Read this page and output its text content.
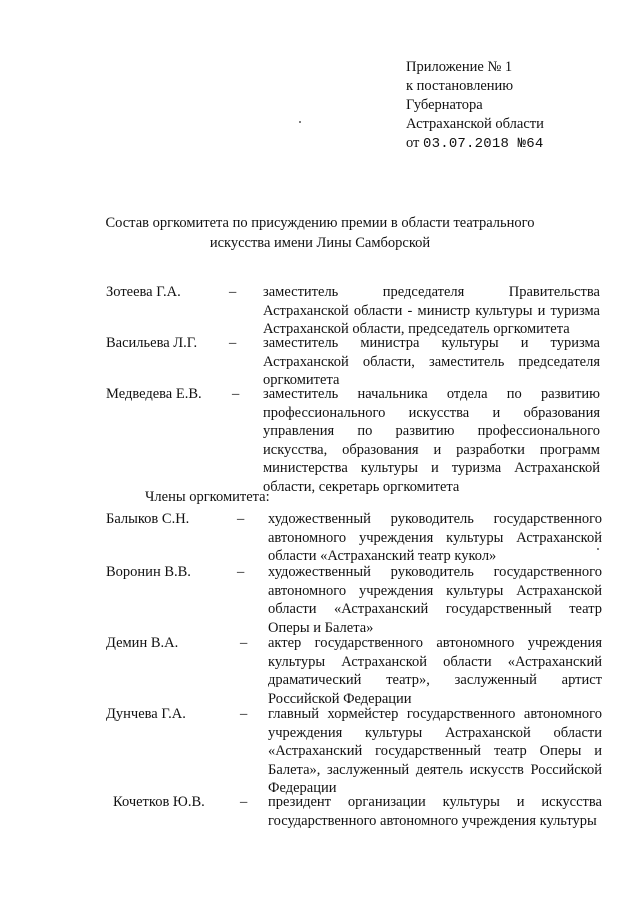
Приложение № 1
к постановлению
Губернатора
Астраханской области
от 03.07.2018 №64
Состав оргкомитета по присуждению премии в области театрального искусства имени Лины Самборской
Зотеева Г.А.	– заместитель председателя Правительства Астраханской области - министр культуры и туризма Астраханской области, председатель оргкомитета
Васильева Л.Г. – заместитель министра культуры и туризма Астраханской области, заместитель председателя оргкомитета
Медведева Е.В. – заместитель начальника отдела по развитию профессионального искусства и образования управления по развитию профессионального искусства, образования и разработки программ министерства культуры и туризма Астраханской области, секретарь оргкомитета
Члены оргкомитета:
Балыков С.Н.	– художественный руководитель государственного автономного учреждения культуры Астраханской области «Астраханский театр кукол»
Воронин В.В.	– художественный руководитель государственного автономного учреждения культуры Астраханской области «Астраханский государственный театр Оперы и Балета»
Демин В.А.	– актер государственного автономного учреждения культуры Астраханской области «Астраханский драматический театр», заслуженный артист Российской Федерации
Дунчева Г.А.	– главный хормейстер государственного автономного учреждения культуры Астраханской области «Астраханский государственный театр Оперы и Балета», заслуженный деятель искусств Российской Федерации
Кочетков Ю.В. – президент организации культуры и искусства государственного автономного учреждения культуры
